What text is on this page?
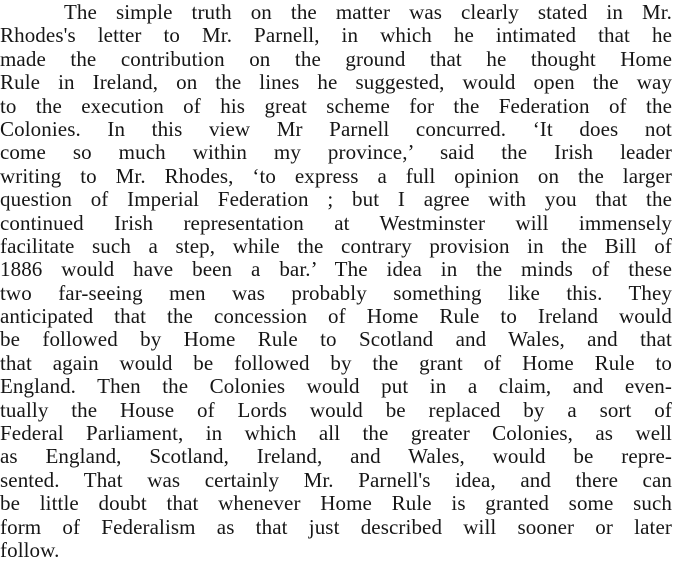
The simple truth on the matter was clearly stated in Mr.
Rhodes's letter to Mr. Parnell, in which he intimated that he
made the contribution on the ground that he thought Home
Rule in Ireland, on the lines he suggested, would open the way
to the execution of his great scheme for the Federation of the
Colonies. In this view Mr Parnell concurred. ‘It does not
come so much within my province,’ said the Irish leader
writing to Mr. Rhodes, ‘to express a full opinion on the larger
question of Imperial Federation ; but I agree with you that the
continued Irish representation at Westminster will immensely
facilitate such a step, while the contrary provision in the Bill of
1886 would have been a bar.’ The idea in the minds of these
two far-seeing men was probably something like this. They
anticipated that the concession of Home Rule to Ireland would
be followed by Home Rule to Scotland and Wales, and that
that again would be followed by the grant of Home Rule to
England. Then the Colonies would put in a claim, and even-
tually the House of Lords would be replaced by a sort of
Federal Parliament, in which all the greater Colonies, as well
as England, Scotland, Ireland, and Wales, would be repre-
sented. That was certainly Mr. Parnell's idea, and there can
be little doubt that whenever Home Rule is granted some such
form of Federalism as that just described will sooner or later
follow.
